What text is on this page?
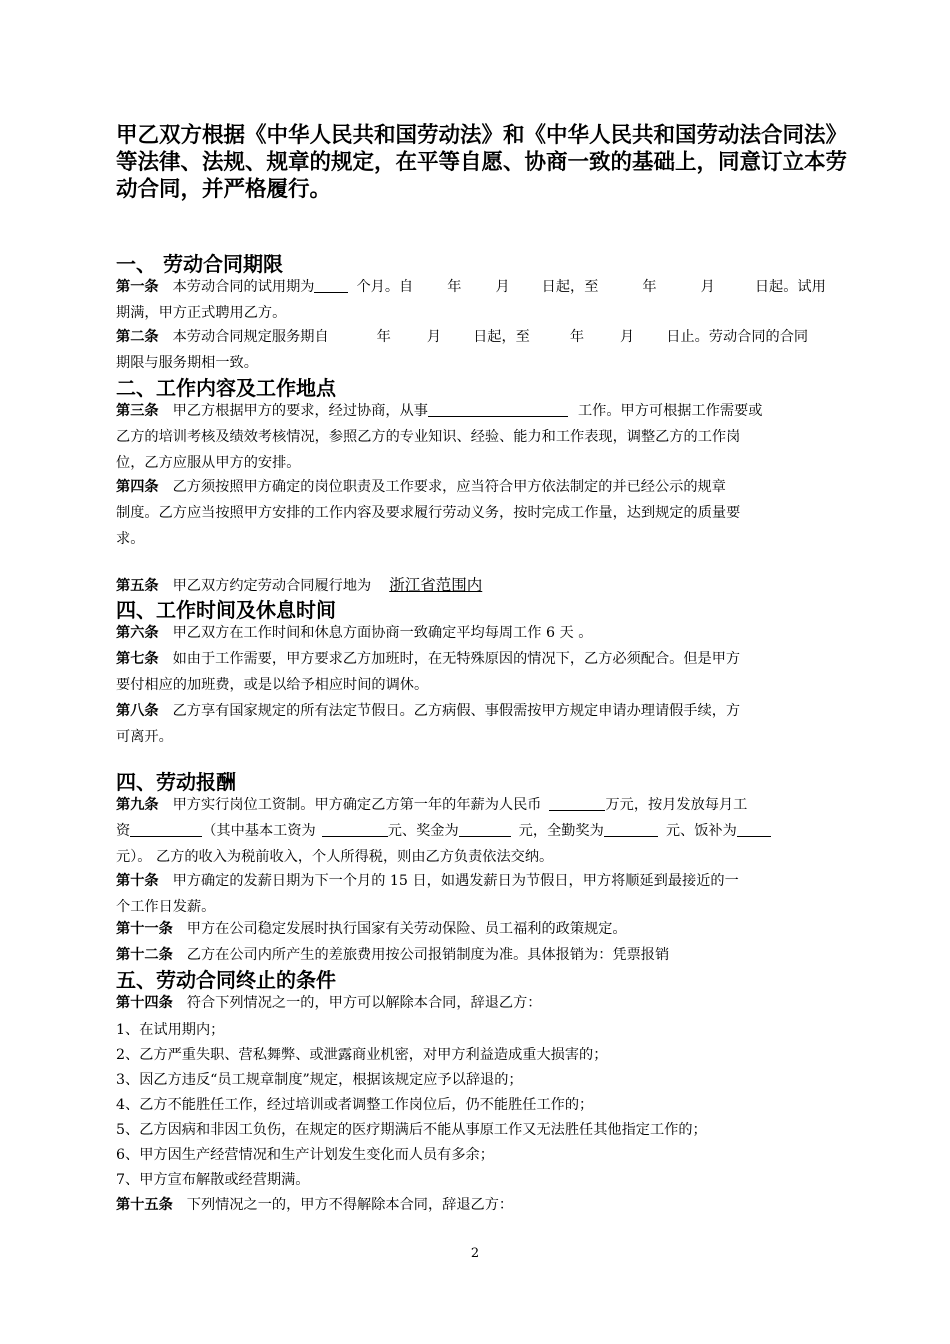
甲乙双方根据《中华人民共和国劳动法》和《中华人民共和国劳动法合同法》
等法律、法规、规章的规定，在平等自愿、协商一致的基础上，同意订立本劳
动合同，并严格履行。
一、 劳动合同期限
第一条 本劳动合同的试用期为	个月。自 年 月 日起，至	年	月	日起。试用
期满，甲方正式聘用乙方。
第二条 本劳动合同规定服务期自	年	月 日起，至	年	月 日止。劳动合同的合同
期限与服务期相一致。
二、工作内容及工作地点
第三条 甲乙方根据甲方的要求，经过协商，从事	工作。甲方可根据工作需要或
乙方的培训考核及绩效考核情况，参照乙方的专业知识、经验、能力和工作表现，调整乙方的工作岗
位，乙方应服从甲方的安排。
第四条 乙方须按照甲方确定的岗位职责及工作要求，应当符合甲方依法制定的并已经公示的规章
制度。乙方应当按照甲方安排的工作内容及要求履行劳动义务，按时完成工作量，达到规定的质量要
求。
第五条 甲乙双方约定劳动合同履行地为 浙江省范围内
四、工作时间及休息时间
第六条 甲乙双方在工作时间和休息方面协商一致确定平均每周工作 6 天 。
第七条 如由于工作需要，甲方要求乙方加班时，在无特殊原因的情况下，乙方必须配合。但是甲方
要付相应的加班费，或是以给予相应时间的调休。
第八条 乙方享有国家规定的所有法定节假日。乙方病假、事假需按甲方规定申请办理请假手续，方
可离开。
四、劳动报酬
第九条 甲方实行岗位工资制。甲方确定乙方第一年的年薪为人民币	万元，按月发放每月工
资	（其中基本工资为	元、奖金为	元，全勤奖为	元、饭补为
元）。 乙方的收入为税前收入，个人所得税，则由乙方负责依法交纳。
第十条 甲方确定的发薪日期为下一个月的 15 日，如遇发薪日为节假日，甲方将顺延到最接近的一
个工作日发薪。
第十一条 甲方在公司稳定发展时执行国家有关劳动保险、员工福利的政策规定。
第十二条 乙方在公司内所产生的差旅费用按公司报销制度为准。具体报销为：凭票报销
五、劳动合同终止的条件
第十四条 符合下列情况之一的，甲方可以解除本合同，辞退乙方：
1、在试用期内；
2、乙方严重失职、营私舞弊、或泄露商业机密，对甲方利益造成重大损害的；
3、因乙方违反“员工规章制度”规定，根据该规定应予以辞退的；
4、乙方不能胜任工作，经过培训或者调整工作岗位后，仍不能胜任工作的；
5、乙方因病和非因工负伤，在规定的医疗期满后不能从事原工作又无法胜任其他指定工作的；
6、甲方因生产经营情况和生产计划发生变化而人员有多余；
7、甲方宣布解散或经营期满。
第十五条 下列情况之一的，甲方不得解除本合同，辞退乙方：
2
